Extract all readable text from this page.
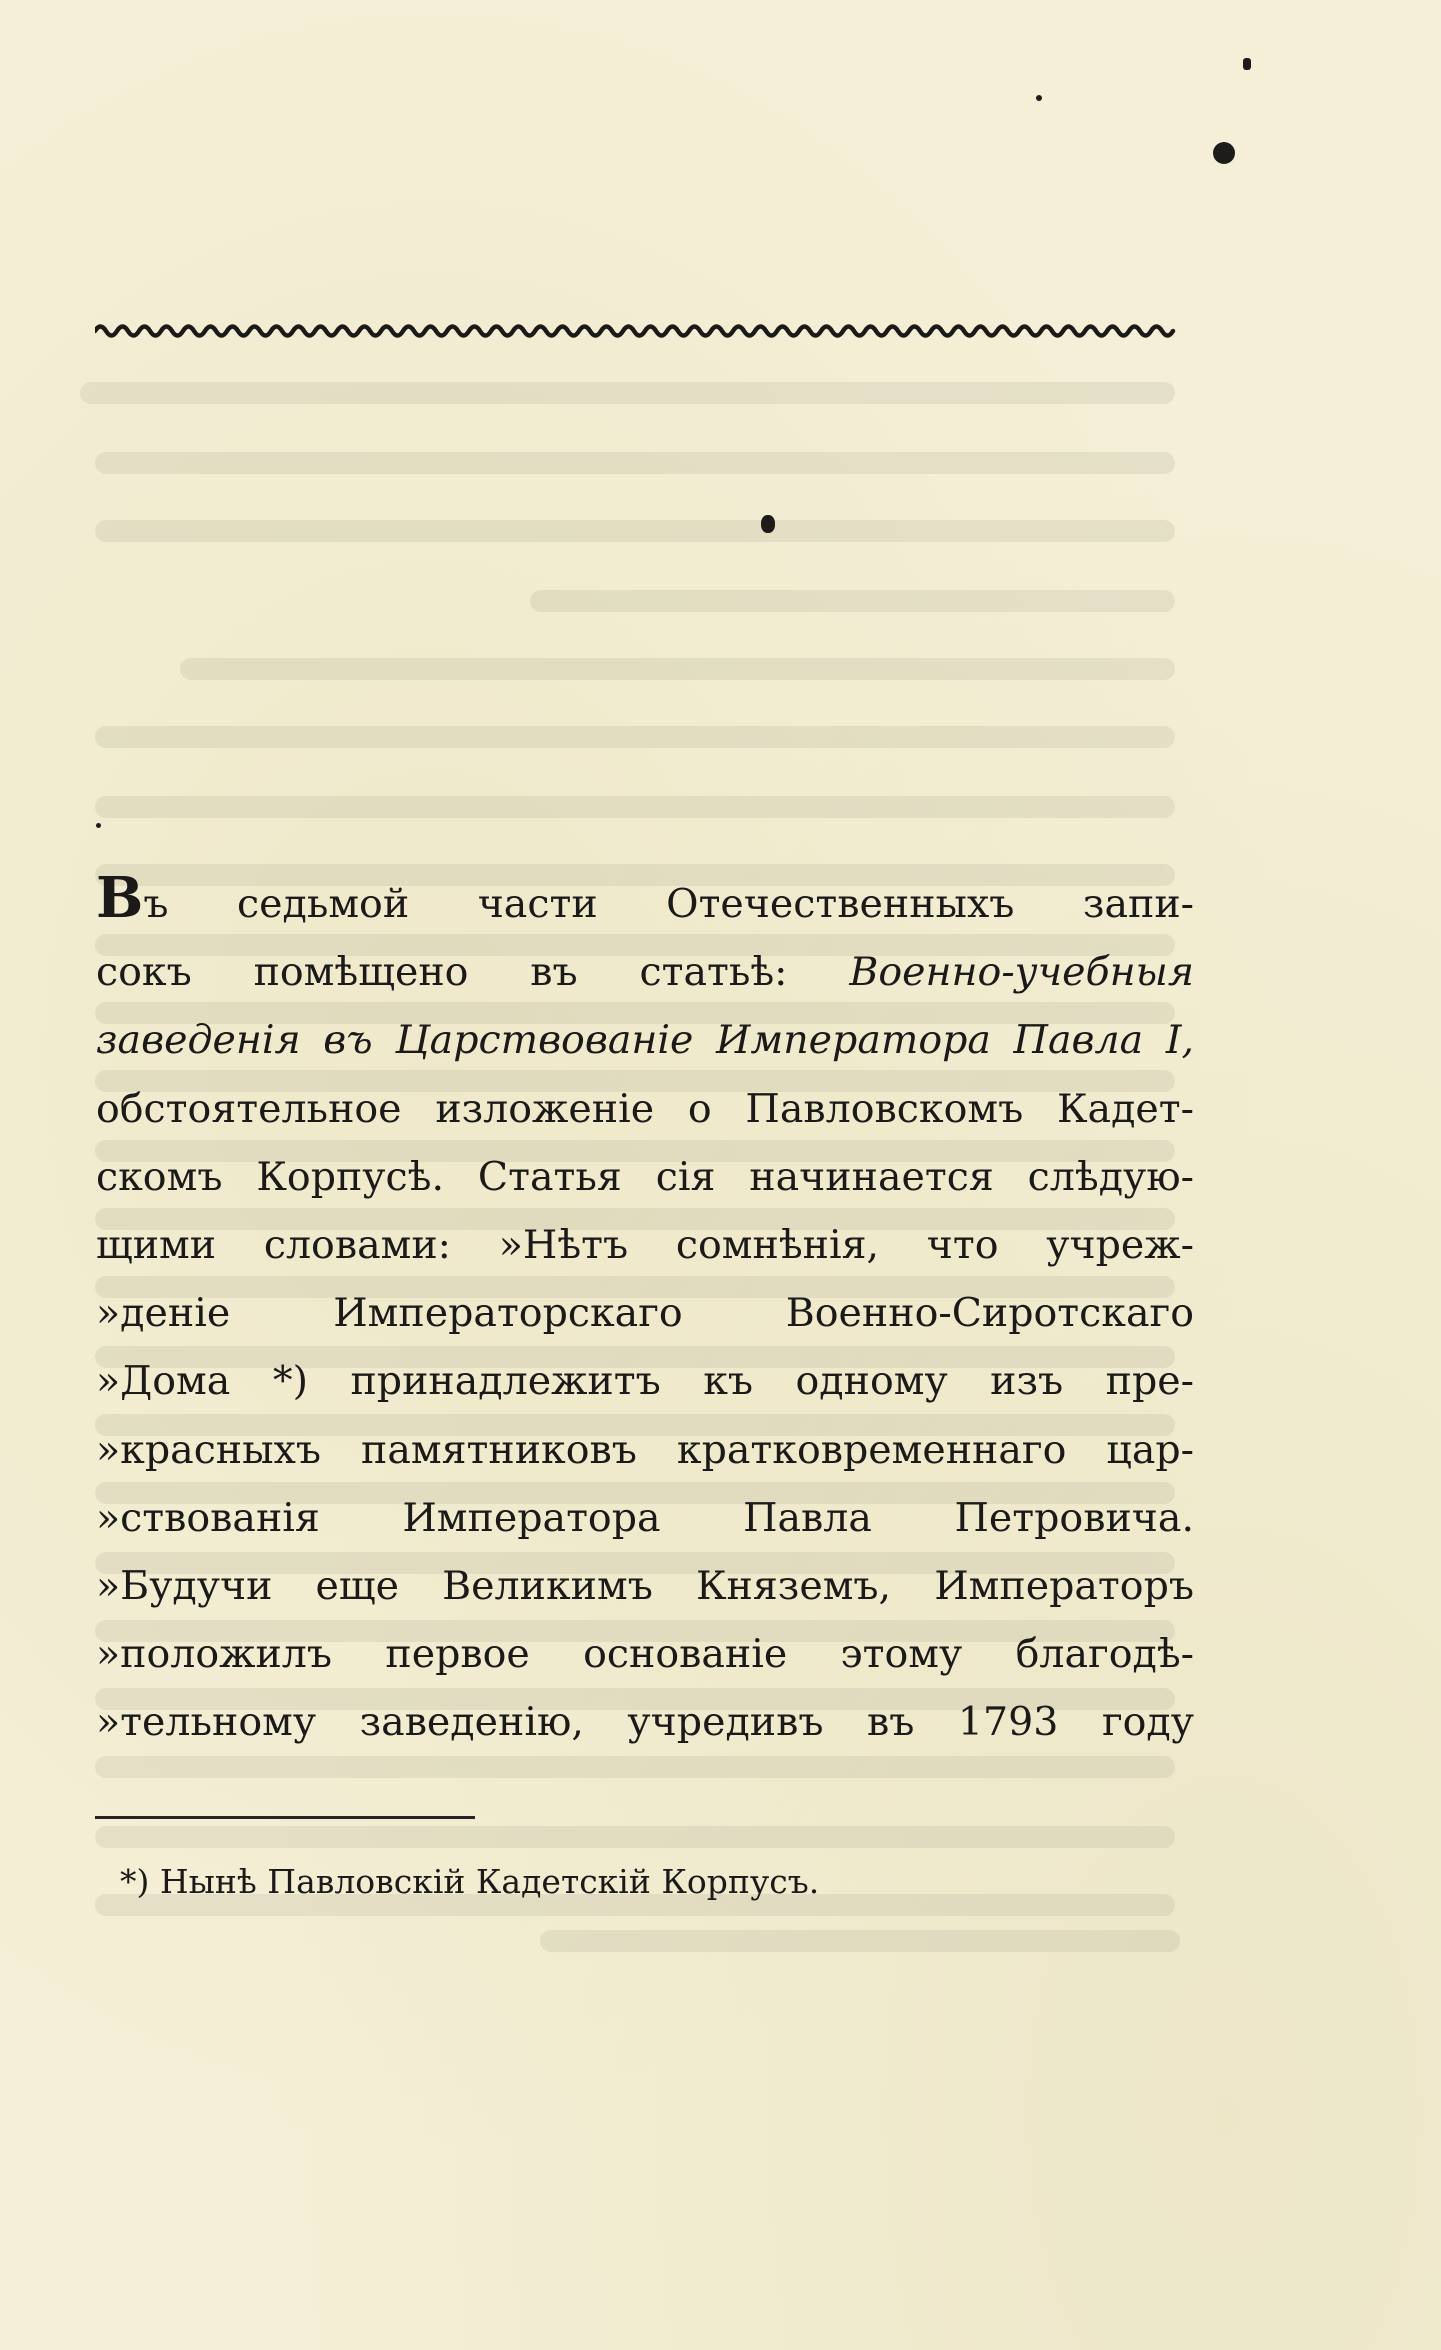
Въ седьмой части Отечественныхъ запи-
сокъ помѣщено въ статьѣ: Военно-учебныя
заведенія въ Царствованіе Императора Павла I,
обстоятельное изложеніе о Павловскомъ Кадет-
скомъ Корпусѣ. Статья сія начинается слѣдую-
щими словами: »Нѣтъ сомнѣнія, что учреж-
»деніе Императорскаго Военно-Сиротскаго
»Дома *) принадлежитъ къ одному изъ пре-
»красныхъ памятниковъ кратковременнаго цар-
»ствованія Императора Павла Петровича.
»Будучи еще Великимъ Княземъ, Императоръ
»положилъ первое основаніе этому благодѣ-
»тельному заведенію, учредивъ въ 1793 году
*) Нынѣ Павловскій Кадетскій Корпусъ.
